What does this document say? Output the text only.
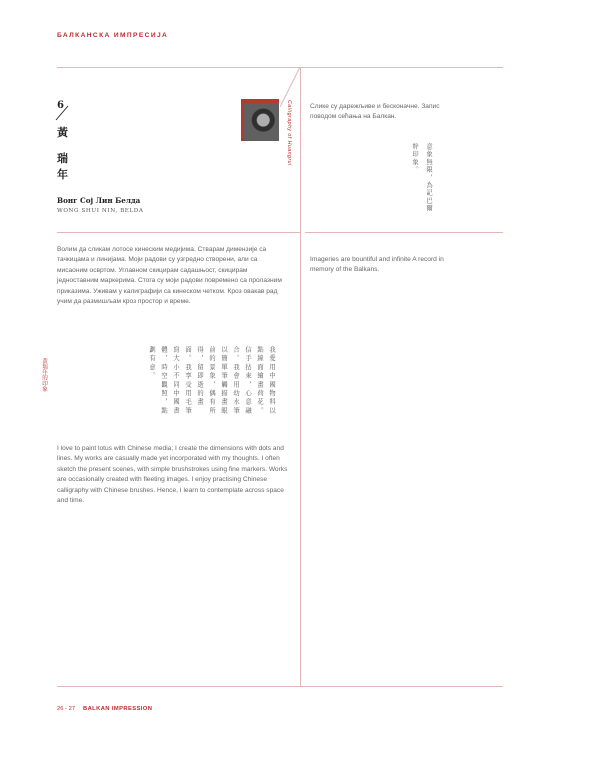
БАЛКАНСКА ИМПРЕСИЈА
6
黃
瑞
年
Вонг Соj Лин Белда
WONG SHUI NIN, BELDA
Calligraphy of Huangrui
Волим да сликам лотосе кинеским медијима. Стварам димензије са тачкицама и линијама. Моји радови су узгредно створени, али са мисаоним освртом. Углавном скицирам садашњост, скицирам једноставним маркерима. Стога су моји радови повремено са пролазним приказима. Уживам у калиграфији са кинеском четком. Кроз овакав рад учим да размишљам кроз простор и време.
黃瑞年的印象	我愛用中國物料以點線面繪畫荷花。信手拈來，心意融合。我會用幼水筆以簡單筆觸描畫眼前的景象，偶有所得，留即逝的畫面。我享受用毛筆寫大小不同中國書體，時空觀照，點劃有意。
I love to paint lotus with Chinese media; I create the dimensions with dots and lines. My works are casually made yet incorporated with my thoughts. I often sketch the present scenes, with simple brushstrokes using fine markers. Works are occasionally created with fleeting images. I enjoy practising Chinese calligraphy with Chinese brushes. Hence, I learn to contemplate across space and time.
Слике су дарежљиве и бесконачне. Запис поводом сећања на Балкан.
意象無限，為記巴爾幹印象。
Imageries are bountiful and infinite A record in memory of the Balkans.
26 - 27 BALKAN IMPRESSION
